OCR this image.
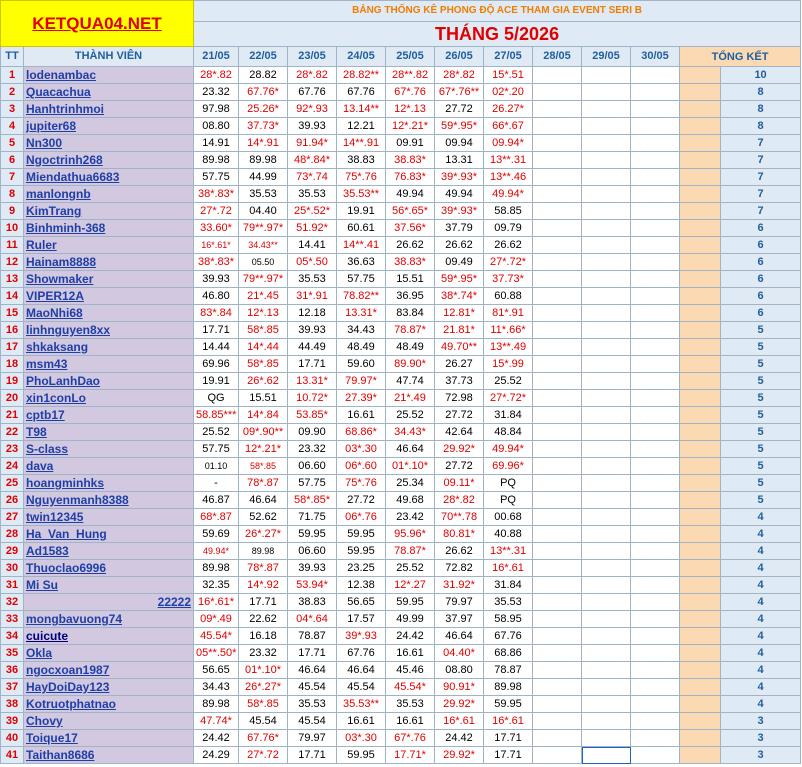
KETQUA04.NET		BẢNG THỐNG KÊ PHONG ĐỘ ACE THAM GIA EVENT SERI B											
		THÁNG 5/2026											
TT	THÀNH VIÊN	21/05	22/05	23/05	24/05	25/05	26/05	27/05	28/05	29/05	30/05	TỔNG KẾT	
1	lodenambac	28*.82	28.82	28*.82	28.82**	28**.82	28*.82	15*.51					10
2	Quacachua	23.32	67.76*	67.76	67.76	67*.76	67*.76**	02*.20					8
3	Hanhtrinhmoi	97.98	25.26*	92*.93	13.14**	12*.13	27.72	26.27*					8
4	jupiter68	08.80	37.73*	39.93	12.21	12*.21*	59*.95*	66*.67					8
5	Nn300	14.91	14*.91	91.94*	14**.91	09.91	09.94	09.94*					7
6	Ngoctrinh268	89.98	89.98	48*.84*	38.83	38.83*	13.31	13**.31					7
7	Miendathua6683	57.75	44.99	73*.74	75*.76	76.83*	39*.93*	13**.46					7
8	manlongnb	38*.83*	35.53	35.53	35.53**	49.94	49.94	49.94*					7
9	KimTrang	27*.72	04.40	25*.52*	19.91	56*.65*	39*.93*	58.85					7
10	Binhminh-368	33.60*	79**.97*	51.92*	60.61	37.56*	37.79	09.79					6
11	Ruler	16*.61*	34.43**	14.41	14**.41	26.62	26.62	26.62					6
12	Hainam8888	38*.83*	05.50	05*.50	36.63	38.83*	09.49	27*.72*					6
13	Showmaker	39.93	79**.97*	35.53	57.75	15.51	59*.95*	37.73*					6
14	VIPER12A	46.80	21*.45	31*.91	78.82**	36.95	38*.74*	60.88					6
15	MaoNhi68	83*.84	12*.13	12.18	13.31*	83.84	12.81*	81*.91					6
16	linhnguyen8xx	17.71	58*.85	39.93	34.43	78.87*	21.81*	11*.66*					5
17	shkaksang	14.44	14*.44	44.49	48.49	48.49	49.70**	13**.49					5
18	msm43	69.96	58*.85	17.71	59.60	89.90*	26.27	15*.99					5
19	PhoLanhDao	19.91	26*.62	13.31*	79.97*	47.74	37.73	25.52					5
20	xin1conLo	QG	15.51	10.72*	27.39*	21*.49	72.98	27*.72*					5
21	cptb17	58.85***	14*.84	53.85*	16.61	25.52	27.72	31.84					5
22	T98	25.52	09*.90**	09.90	68.86*	34.43*	42.64	48.84					5
23	S-class	57.75	12*.21*	23.32	03*.30	46.64	29.92*	49.94*					5
24	dava	01.10	58*.85	06.60	06*.60	01*.10*	27.72	69.96*					5
25	hoangminhks	-	78*.87	57.75	75*.76	25.34	09.11*	PQ					5
26	Nguyenmanh8388	46.87	46.64	58*.85*	27.72	49.68	28*.82	PQ					5
27	twin12345	68*.87	52.62	71.75	06*.76	23.42	70**.78	00.68					4
28	Ha_Van_Hung	59.69	26*.27*	59.95	59.95	95.96*	80.81*	40.88					4
29	Ad1583	49.94*	89.98	06.60	59.95	78.87*	26.62	13**.31					4
30	Thuoclao6996	89.98	78*.87	39.93	23.25	25.52	72.82	16*.61					4
31	Mi Su	32.35	14*.92	53.94*	12.38	12*.27	31.92*	31.84					4
32	22222	16*.61*	17.71	38.83	56.65	59.95	79.97	35.53					4
33	mongbavuong74	09*.49	22.62	04*.64	17.57	49.99	37.97	58.95					4
34	cuicute	45.54*	16.18	78.87	39*.93	24.42	46.64	67.76					4
35	Okla	05**.50*	23.32	17.71	67.76	16.61	04.40*	68.86					4
36	ngocxoan1987	56.65	01*.10*	46.64	46.64	45.46	08.80	78.87					4
37	HayDoiDay123	34.43	26*.27*	45.54	45.54	45.54*	90.91*	89.98					4
38	Kotruotphatnao	89.98	58*.85	35.53	35.53**	35.53	29.92*	59.95					4
39	Chovy	47.74*	45.54	45.54	16.61	16.61	16*.61	16*.61					3
40	Toique17	24.42	67.76*	79.97	03*.30	67*.76	24.42	17.71					3
41	Taithan8686	24.29	27*.72	17.71	59.95	17.71*	29.92*	17.71					3
